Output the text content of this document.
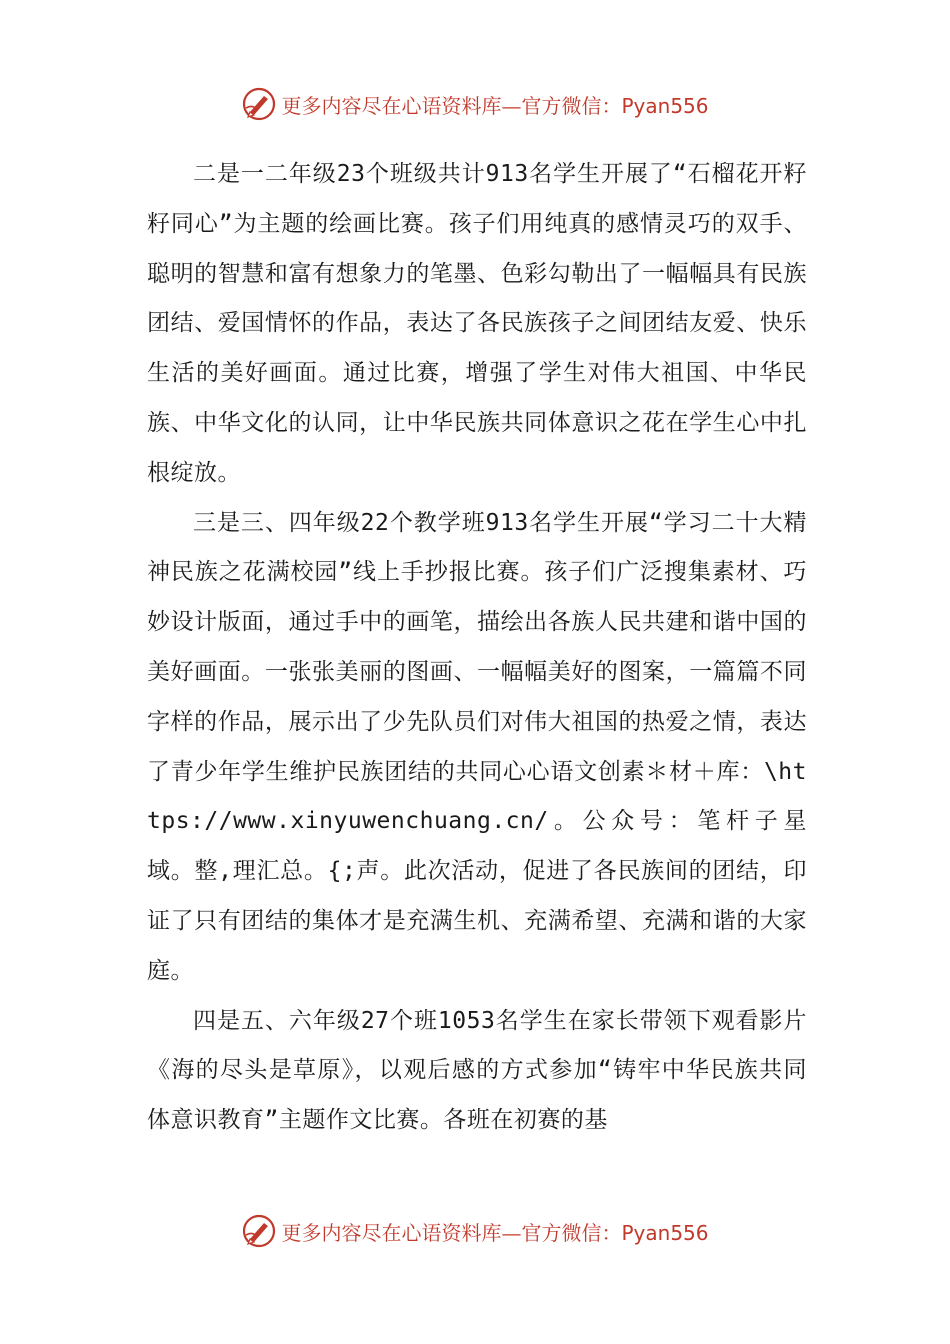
更多内容尽在心语资料库—官方微信：Pyan556

二是一二年级23个班级共计913名学生开展了“石榴花开籽籽同心”为主题的绘画比赛。孩子们用纯真的感情灵巧的双手、聪明的智慧和富有想象力的笔墨、色彩勾勒出了一幅幅具有民族团结、爱国情怀的作品，表达了各民族孩子之间团结友爱、快乐生活的美好画面。通过比赛，增强了学生对伟大祖国、中华民族、中华文化的认同，让中华民族共同体意识之花在学生心中扎根绽放。

三是三、四年级22个教学班913名学生开展“学习二十大精神民族之花满校园”线上手抄报比赛。孩子们广泛搜集素材、巧妙设计版面，通过手中的画笔，描绘出各族人民共建和谐中国的美好画面。一张张美丽的图画、一幅幅美好的图案，一篇篇不同字样的作品，展示出了少先队员们对伟大祖国的热爱之情，表达了青少年学生维护民族团结的共同心心语文创素＊材＋库：\https://www.xinyuwenchuang.cn/。公众号：笔杆子星域。整,理汇总。{;声。此次活动，促进了各民族间的团结，印证了只有团结的集体才是充满生机、充满希望、充满和谐的大家庭。

四是五、六年级27个班1053名学生在家长带领下观看影片《海的尽头是草原》，以观后感的方式参加“铸牢中华民族共同体意识教育”主题作文比赛。各班在初赛的基

更多内容尽在心语资料库—官方微信：Pyan556
